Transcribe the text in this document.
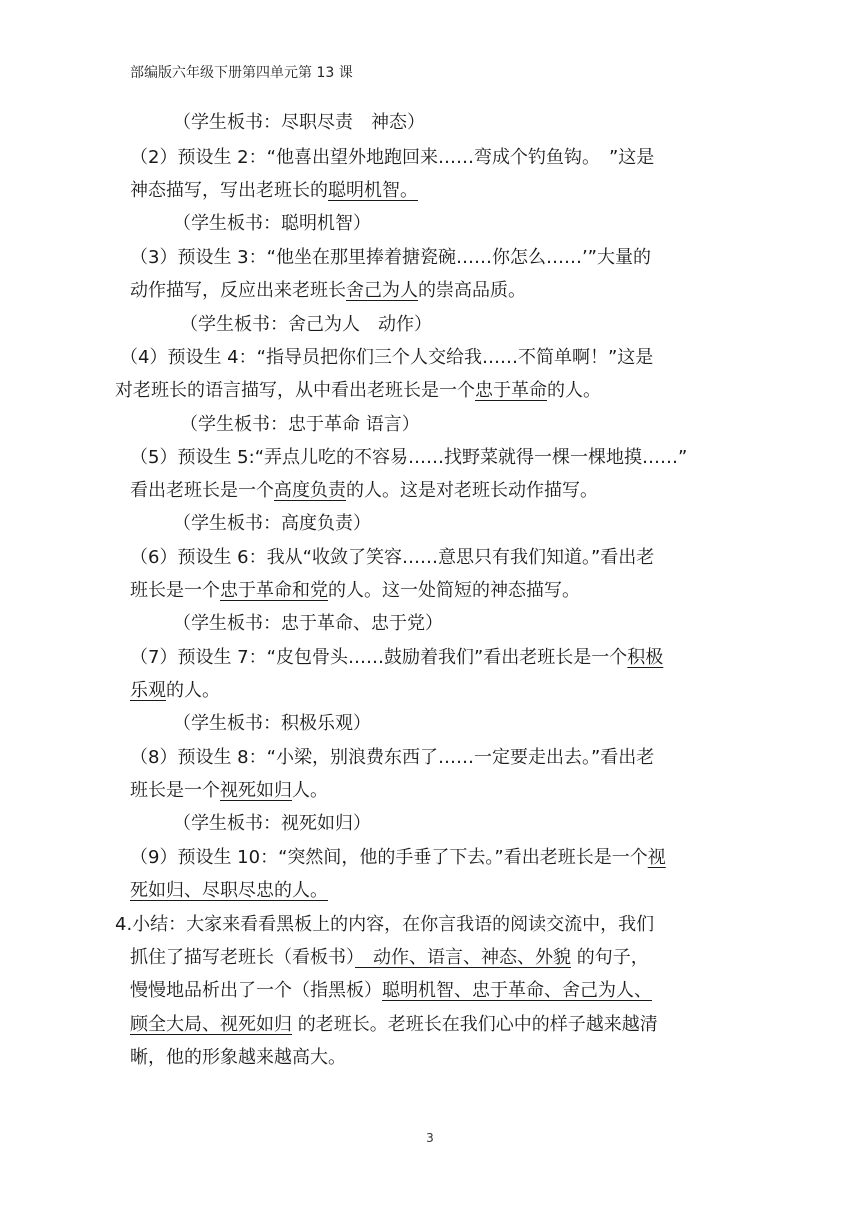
部编版六年级下册第四单元第 13 课
（学生板书：尽职尽责　神态）
（2）预设生 2：“他喜出望外地跑回来……弯成个钓鱼钩。　”这是
神态描写，写出老班长的聪明机智。
（学生板书：聪明机智）
（3）预设生 3：“他坐在那里捧着搪瓷碗……你怎么……’”大量的
动作描写，反应出来老班长舍己为人的崇高品质。
（学生板书：舍己为人　动作）
（4）预设生 4：“指导员把你们三个人交给我……不简单啊！”这是
对老班长的语言描写，从中看出老班长是一个忠于革命的人。
（学生板书：忠于革命 语言）
（5）预设生 5:“弄点儿吃的不容易……找野菜就得一棵一棵地摸……”
看出老班长是一个高度负责的人。这是对老班长动作描写。
（学生板书：高度负责）
（6）预设生 6：我从“收敛了笑容……意思只有我们知道。”看出老
班长是一个忠于革命和党的人。这一处简短的神态描写。
（学生板书：忠于革命、忠于党）
（7）预设生 7：“皮包骨头……鼓励着我们”看出老班长是一个积极
乐观的人。
（学生板书：积极乐观）
（8）预设生 8：“小梁，别浪费东西了……一定要走出去。”看出老
班长是一个视死如归人。
（学生板书：视死如归）
（9）预设生 10：“突然间，他的手垂了下去。”看出老班长是一个视
死如归、尽职尽忠的人。
4.小结：大家来看看黑板上的内容，在你言我语的阅读交流中，我们
抓住了描写老班长（看板书）　动作、语言、神态、外貌 的句子，
慢慢地品析出了一个（指黑板）聪明机智、忠于革命、舍己为人、
顾全大局、视死如归 的老班长。老班长在我们心中的样子越来越清
晰，他的形象越来越高大。
3
